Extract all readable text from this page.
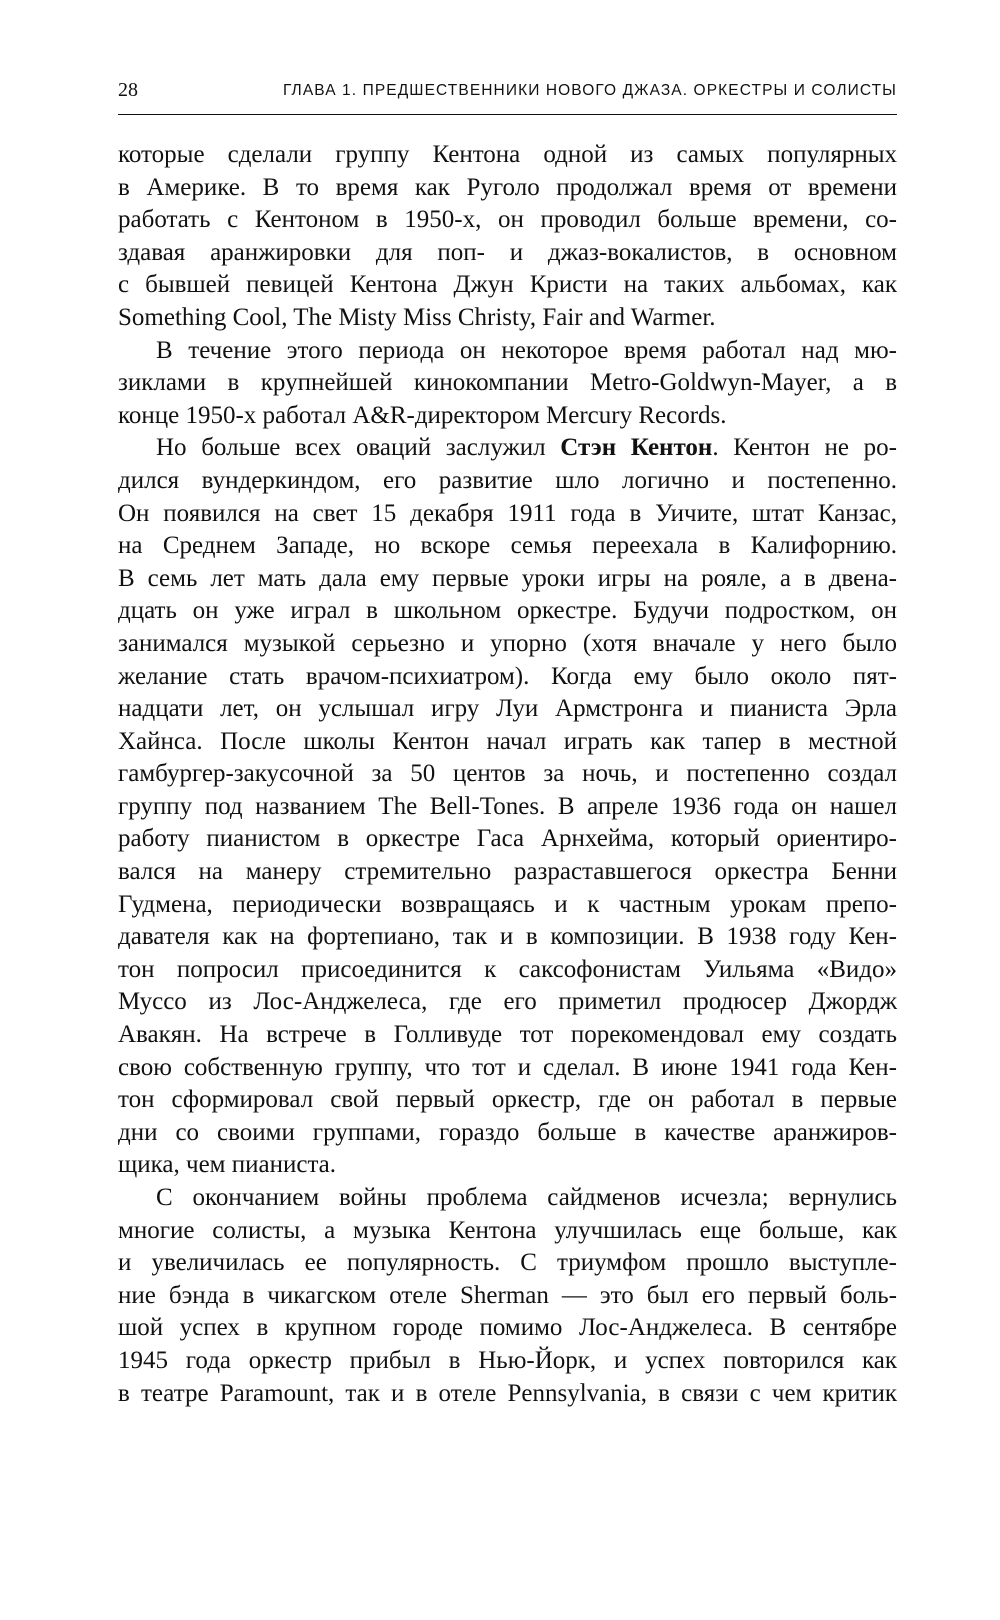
28	ГЛАВА 1. ПРЕДШЕСТВЕННИКИ НОВОГО ДЖАЗА. ОРКЕСТРЫ И СОЛИСТЫ
которые сделали группу Кентона одной из самых популярных
в Америке. В то время как Руголо продолжал время от времени
работать с Кентоном в 1950-х, он проводил больше времени, со-
здавая аранжировки для поп- и джаз-вокалистов, в основном
с бывшей певицей Кентона Джун Кристи на таких альбомах, как
Something Cool, The Misty Miss Christy, Fair and Warmer.
В течение этого периода он некоторое время работал над мю-
зиклами в крупнейшей кинокомпании Metro-Goldwyn-Mayer, а в
конце 1950-х работал A&R-директором Mercury Records.
Но больше всех оваций заслужил Стэн Кентон. Кентон не ро-
дился вундеркиндом, его развитие шло логично и постепенно.
Он появился на свет 15 декабря 1911 года в Уичите, штат Канзас,
на Среднем Западе, но вскоре семья переехала в Калифорнию.
В семь лет мать дала ему первые уроки игры на рояле, а в двена-
дцать он уже играл в школьном оркестре. Будучи подростком, он
занимался музыкой серьезно и упорно (хотя вначале у него было
желание стать врачом-психиатром). Когда ему было около пят-
надцати лет, он услышал игру Луи Армстронга и пианиста Эрла
Хайнса. После школы Кентон начал играть как тапер в местной
гамбургер-закусочной за 50 центов за ночь, и постепенно создал
группу под названием The Bell-Tones. В апреле 1936 года он нашел
работу пианистом в оркестре Гаса Арнхейма, который ориентиро-
вался на манеру стремительно разраставшегося оркестра Бенни
Гудмена, периодически возвращаясь и к частным урокам препо-
давателя как на фортепиано, так и в композиции. В 1938 году Кен-
тон попросил присоединится к саксофонистам Уильяма «Видо»
Муссо из Лос-Анджелеса, где его приметил продюсер Джордж
Авакян. На встрече в Голливуде тот порекомендовал ему создать
свою собственную группу, что тот и сделал. В июне 1941 года Кен-
тон сформировал свой первый оркестр, где он работал в первые
дни со своими группами, гораздо больше в качестве аранжиров-
щика, чем пианиста.
С окончанием войны проблема сайдменов исчезла; вернулись
многие солисты, а музыка Кентона улучшилась еще больше, как
и увеличилась ее популярность. С триумфом прошло выступле-
ние бэнда в чикагском отеле Sherman — это был его первый боль-
шой успех в крупном городе помимо Лос-Анджелеса. В сентябре
1945 года оркестр прибыл в Нью-Йорк, и успех повторился как
в театре Paramount, так и в отеле Pennsylvania, в связи с чем критик
